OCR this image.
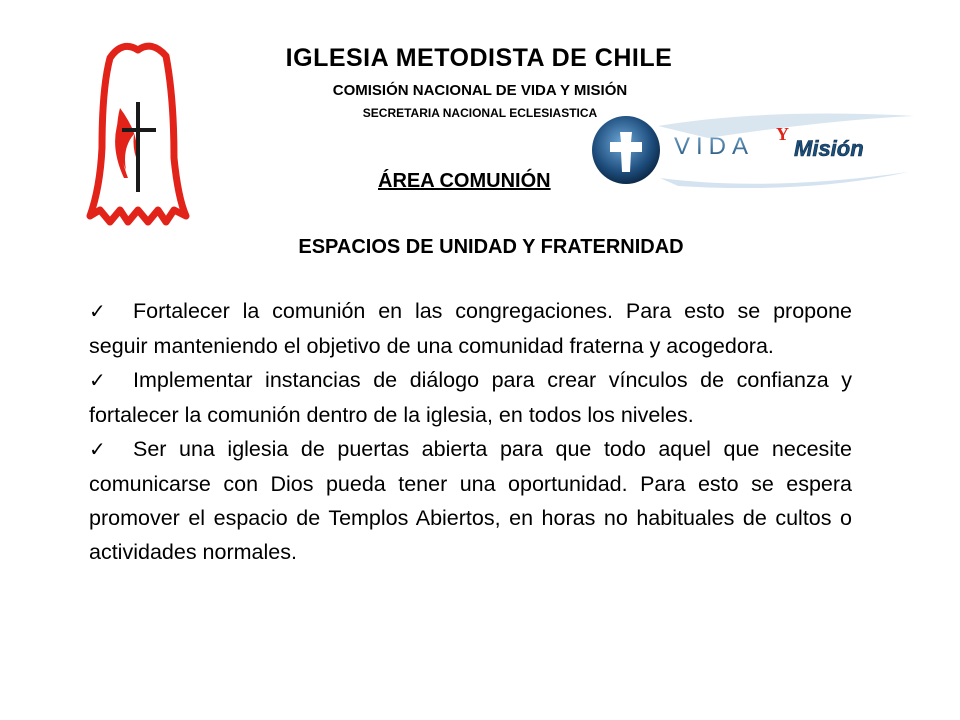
VIDA Y
Misión
IGLESIA METODISTA DE CHILE
COMISIÓN NACIONAL DE VIDA Y MISIÓN
SECRETARIA NACIONAL ECLESIASTICA
ÁREA COMUNIÓN
ESPACIOS DE UNIDAD Y FRATERNIDAD

✓ Fortalecer la comunión en las congregaciones. Para esto se propone seguir manteniendo el objetivo de una comunidad fraterna y acogedora.

✓ Implementar instancias de diálogo para crear vínculos de confianza y fortalecer la comunión dentro de la iglesia, en todos los niveles.

✓ Ser una iglesia de puertas abierta para que todo aquel que necesite comunicarse con Dios pueda tener una oportunidad. Para esto se espera promover el espacio de Templos Abiertos, en horas no habituales de cultos o actividades normales.
